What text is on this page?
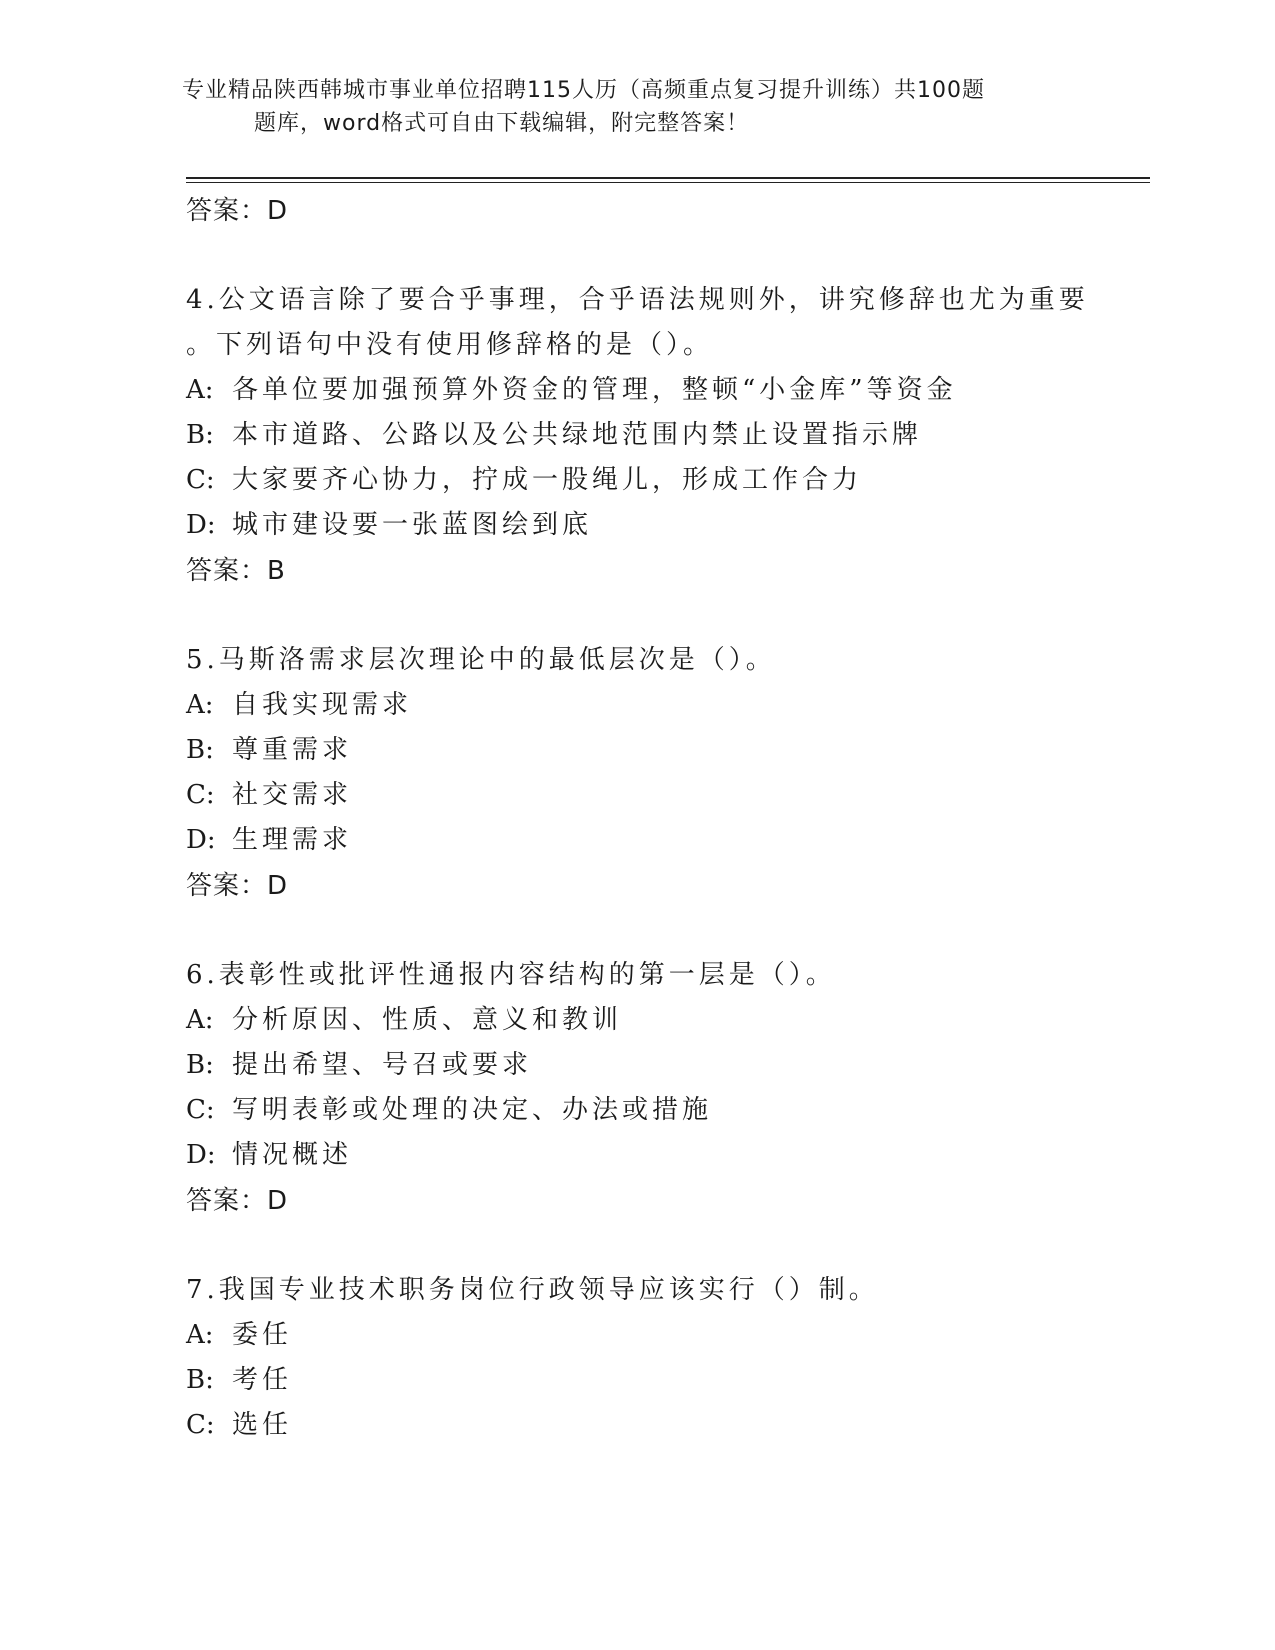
专业精品陕西韩城市事业单位招聘115人历（高频重点复习提升训练）共100题
题库，word格式可自由下载编辑，附完整答案！
答案：D
4.公文语言除了要合乎事理，合乎语法规则外，讲究修辞也尤为重要
。下列语句中没有使用修辞格的是（）。
A: 各单位要加强预算外资金的管理，整顿“小金库”等资金
B: 本市道路、公路以及公共绿地范围内禁止设置指示牌
C: 大家要齐心协力，拧成一股绳儿，形成工作合力
D: 城市建设要一张蓝图绘到底
答案：B
5.马斯洛需求层次理论中的最低层次是（）。
A: 自我实现需求
B: 尊重需求
C: 社交需求
D: 生理需求
答案：D
6.表彰性或批评性通报内容结构的第一层是（）。
A: 分析原因、性质、意义和教训
B: 提出希望、号召或要求
C: 写明表彰或处理的决定、办法或措施
D: 情况概述
答案：D
7.我国专业技术职务岗位行政领导应该实行（）制。
A: 委任
B: 考任
C: 选任
